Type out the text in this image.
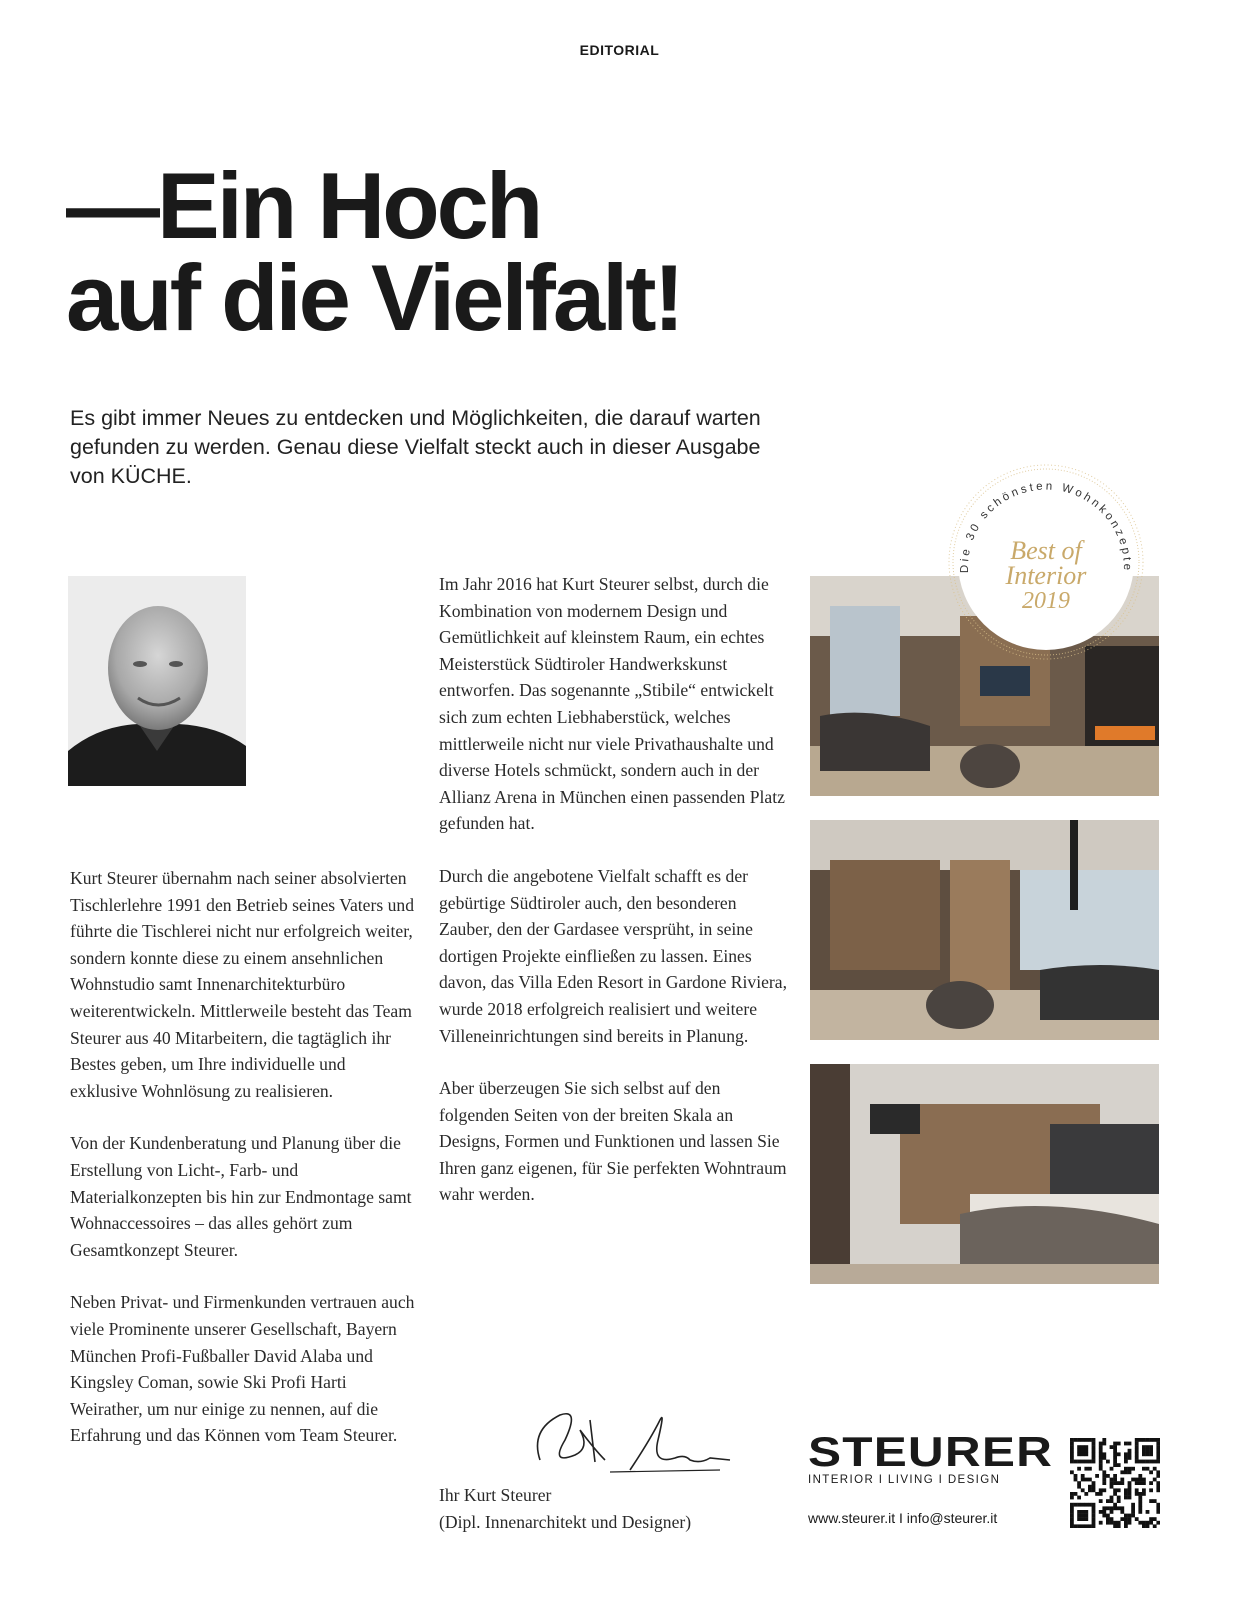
EDITORIAL
—Ein Hoch
auf die Vielfalt!

Es gibt immer Neues zu entdecken und Möglichkeiten, die darauf warten gefunden zu werden. Genau diese Vielfalt steckt auch in dieser Ausgabe von KÜCHE.

Kurt Steurer übernahm nach seiner absolvierten Tischlerlehre 1991 den Betrieb seines Vaters und führte die Tischlerei nicht nur erfolgreich weiter, sondern konnte diese zu einem ansehnlichen Wohnstudio samt Innenarchitekturbüro weiterentwickeln. Mittlerweile besteht das Team Steurer aus 40 Mitarbeitern, die tagtäglich ihr Bestes geben, um Ihre individuelle und exklusive Wohnlösung zu realisieren.

Von der Kundenberatung und Planung über die Erstellung von Licht-, Farb- und Materialkonzepten bis hin zur Endmontage samt Wohnaccessoires – das alles gehört zum Gesamtkonzept Steurer.

Neben Privat- und Firmenkunden vertrauen auch viele Prominente unserer Gesellschaft, Bayern München Profi-Fußballer David Alaba und Kingsley Coman, sowie Ski Profi Harti Weirather, um nur einige zu nennen, auf die Erfahrung und das Können vom Team Steurer.

Im Jahr 2016 hat Kurt Steurer selbst, durch die Kombination von modernem Design und Gemütlichkeit auf kleinstem Raum, ein echtes Meisterstück Südtiroler Handwerkskunst entworfen. Das sogenannte „Stibile“ entwickelt sich zum echten Liebhaberstück, welches mittlerweile nicht nur viele Privathaushalte und diverse Hotels schmückt, sondern auch in der Allianz Arena in München einen passenden Platz gefunden hat.

Durch die angebotene Vielfalt schafft es der gebürtige Südtiroler auch, den besonderen Zauber, den der Gardasee versprüht, in seine dortigen Projekte einfließen zu lassen. Eines davon, das Villa Eden Resort in Gardone Riviera, wurde 2018 erfolgreich realisiert und weitere Villeneinrichtungen sind bereits in Planung.

Aber überzeugen Sie sich selbst auf den folgenden Seiten von der breiten Skala an Designs, Formen und Funktionen und lassen Sie Ihren ganz eigenen, für Sie perfekten Wohntraum wahr werden.

Die 30 schönsten Wohnkonzepte
Best of
Interior
2019
Ihr Kurt Steurer
(Dipl. Innenarchitekt und Designer)
STEURER
INTERIOR I LIVING I DESIGN
www.steurer.it I info@steurer.it
